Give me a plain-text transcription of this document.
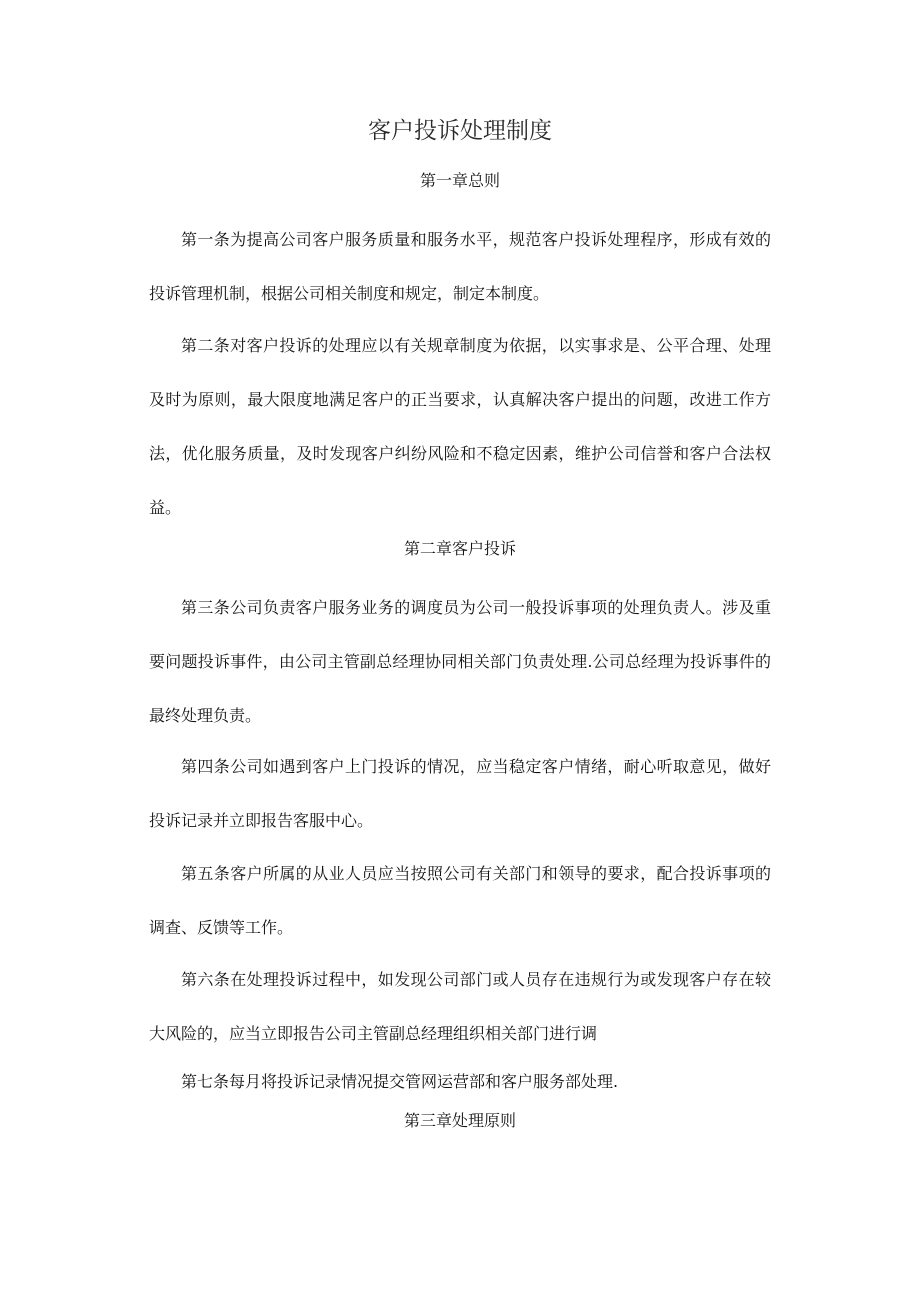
客户投诉处理制度
第一章总则

第一条为提高公司客户服务质量和服务水平，规范客户投诉处理程序，形成有效的投诉管理机制，根据公司相关制度和规定，制定本制度。

第二条对客户投诉的处理应以有关规章制度为依据，以实事求是、公平合理、处理及时为原则，最大限度地满足客户的正当要求，认真解决客户提出的问题，改进工作方法，优化服务质量，及时发现客户纠纷风险和不稳定因素，维护公司信誉和客户合法权益。

第二章客户投诉

第三条公司负责客户服务业务的调度员为公司一般投诉事项的处理负责人。涉及重要问题投诉事件，由公司主管副总经理协同相关部门负责处理.公司总经理为投诉事件的最终处理负责。

第四条公司如遇到客户上门投诉的情况，应当稳定客户情绪，耐心听取意见，做好投诉记录并立即报告客服中心。

第五条客户所属的从业人员应当按照公司有关部门和领导的要求，配合投诉事项的调查、反馈等工作。

第六条在处理投诉过程中，如发现公司部门或人员存在违规行为或发现客户存在较大风险的，应当立即报告公司主管副总经理组织相关部门进行调

第七条每月将投诉记录情况提交管网运营部和客户服务部处理.

第三章处理原则
